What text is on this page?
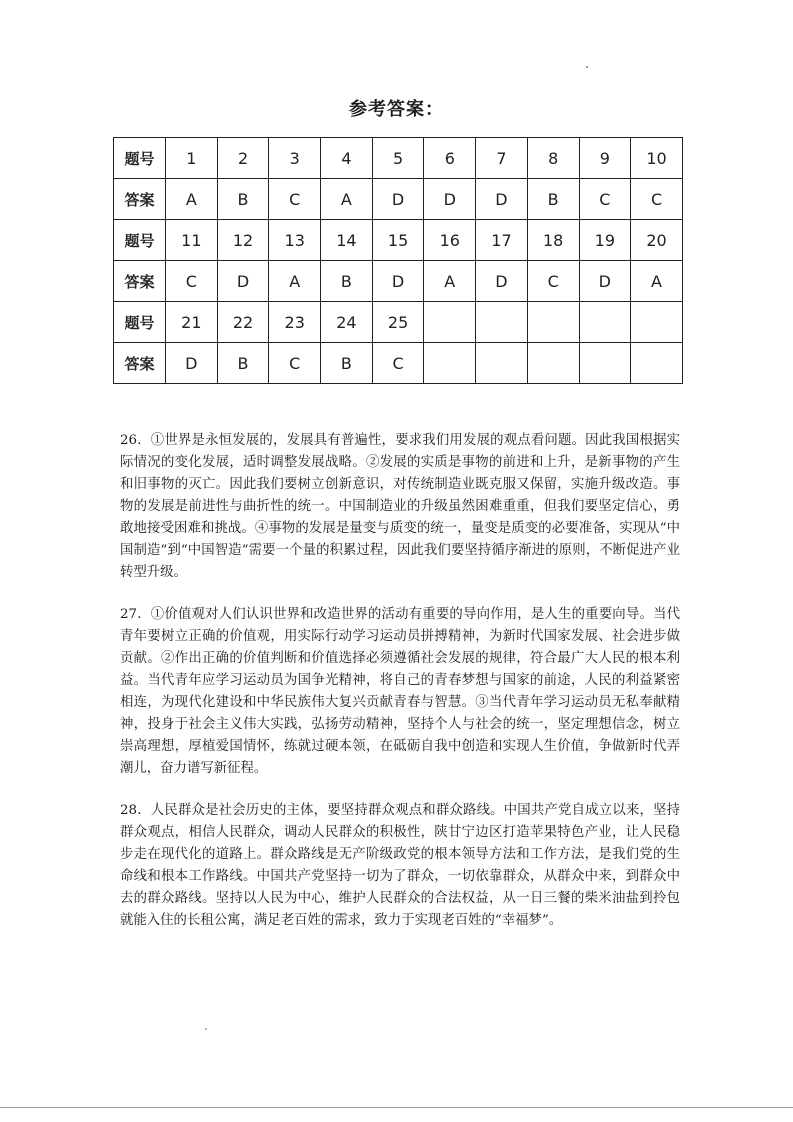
参考答案：
题号	1	2	3	4	5	6	7	8	9	10
答案	A	B	C	A	D	D	D	B	C	C
题号	11	12	13	14	15	16	17	18	19	20
答案	C	D	A	B	D	A	D	C	D	A
题号	21	22	23	24	25					
答案	D	B	C	B	C					

26．①世界是永恒发展的，发展具有普遍性，要求我们用发展的观点看问题。因此我国根据实际情况的变化发展，适时调整发展战略。②发展的实质是事物的前进和上升，是新事物的产生和旧事物的灭亡。因此我们要树立创新意识，对传统制造业既克服又保留，实施升级改造。事物的发展是前进性与曲折性的统一。中国制造业的升级虽然困难重重，但我们要坚定信心，勇敢地接受困难和挑战。④事物的发展是量变与质变的统一，量变是质变的必要准备，实现从“中国制造”到“中国智造”需要一个量的积累过程，因此我们要坚持循序渐进的原则，不断促进产业转型升级。

27．①价值观对人们认识世界和改造世界的活动有重要的导向作用，是人生的重要向导。当代青年要树立正确的价值观，用实际行动学习运动员拼搏精神，为新时代国家发展、社会进步做贡献。②作出正确的价值判断和价值选择必须遵循社会发展的规律，符合最广大人民的根本利益。当代青年应学习运动员为国争光精神，将自己的青春梦想与国家的前途，人民的利益紧密相连，为现代化建设和中华民族伟大复兴贡献青春与智慧。③当代青年学习运动员无私奉献精神，投身于社会主义伟大实践，弘扬劳动精神，坚持个人与社会的统一，坚定理想信念，树立崇高理想，厚植爱国情怀，练就过硬本领，在砥砺自我中创造和实现人生价值，争做新时代弄潮儿，奋力谱写新征程。

28．人民群众是社会历史的主体，要坚持群众观点和群众路线。中国共产党自成立以来，坚持群众观点，相信人民群众，调动人民群众的积极性，陕甘宁边区打造苹果特色产业，让人民稳步走在现代化的道路上。群众路线是无产阶级政党的根本领导方法和工作方法，是我们党的生命线和根本工作路线。中国共产党坚持一切为了群众，一切依靠群众，从群众中来，到群众中去的群众路线。坚持以人民为中心，维护人民群众的合法权益，从一日三餐的柴米油盐到拎包就能入住的长租公寓，满足老百姓的需求，致力于实现老百姓的“幸福梦”。
